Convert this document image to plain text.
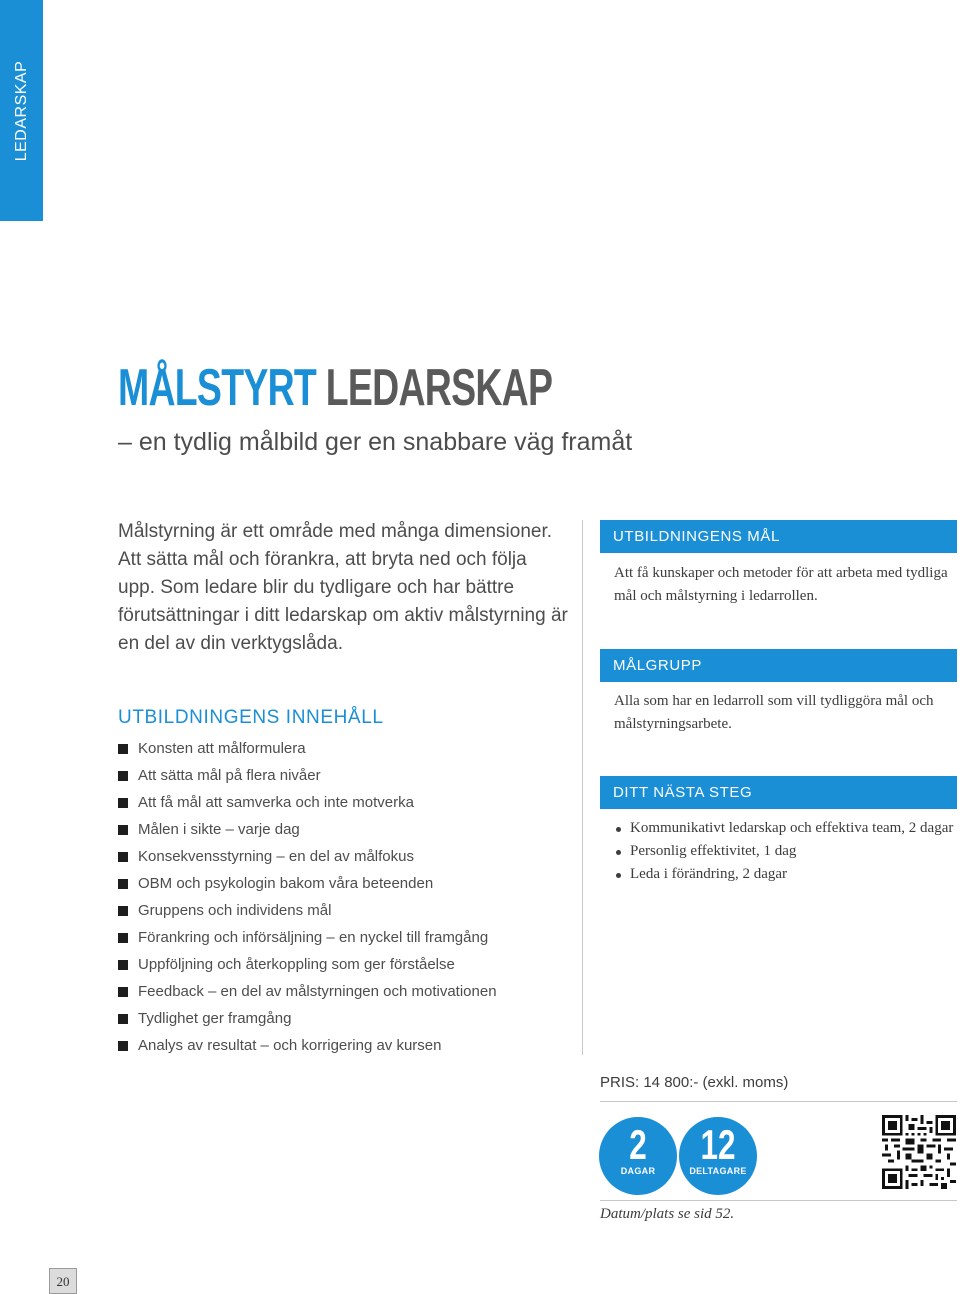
LEDARSKAP
MÅLSTYRT LEDARSKAP
– en tydlig målbild ger en snabbare väg framåt

Målstyrning är ett område med många dimensioner. Att sätta mål och förankra, att bryta ned och följa upp. Som ledare blir du tydligare och har bättre förutsättningar i ditt ledarskap om aktiv målstyrning är en del av din verktygslåda.

UTBILDNINGENS INNEHÅLL
Konsten att målformulera
Att sätta mål på flera nivåer
Att få mål att samverka och inte motverka
Målen i sikte – varje dag
Konsekvensstyrning – en del av målfokus
OBM och psykologin bakom våra beteenden
Gruppens och individens mål
Förankring och införsäljning – en nyckel till framgång
Uppföljning och återkoppling som ger förståelse
Feedback – en del av målstyrningen och motivationen
Tydlighet ger framgång
Analys av resultat – och korrigering av kursen
UTBILDNINGENS MÅL

Att få kunskaper och metoder för att arbeta med tydliga mål och målstyrning i ledarrollen.

MÅLGRUPP

Alla som har en ledarroll som vill tydliggöra mål och målstyrningsarbete.

DITT NÄSTA STEG
Kommunikativt ledarskap och effektiva team, 2 dagar
Personlig effektivitet, 1 dag
Leda i förändring, 2 dagar
PRIS: 14 800:- (exkl. moms)
2
DAGAR
12
DELTAGARE
Datum/plats se sid 52.
20
